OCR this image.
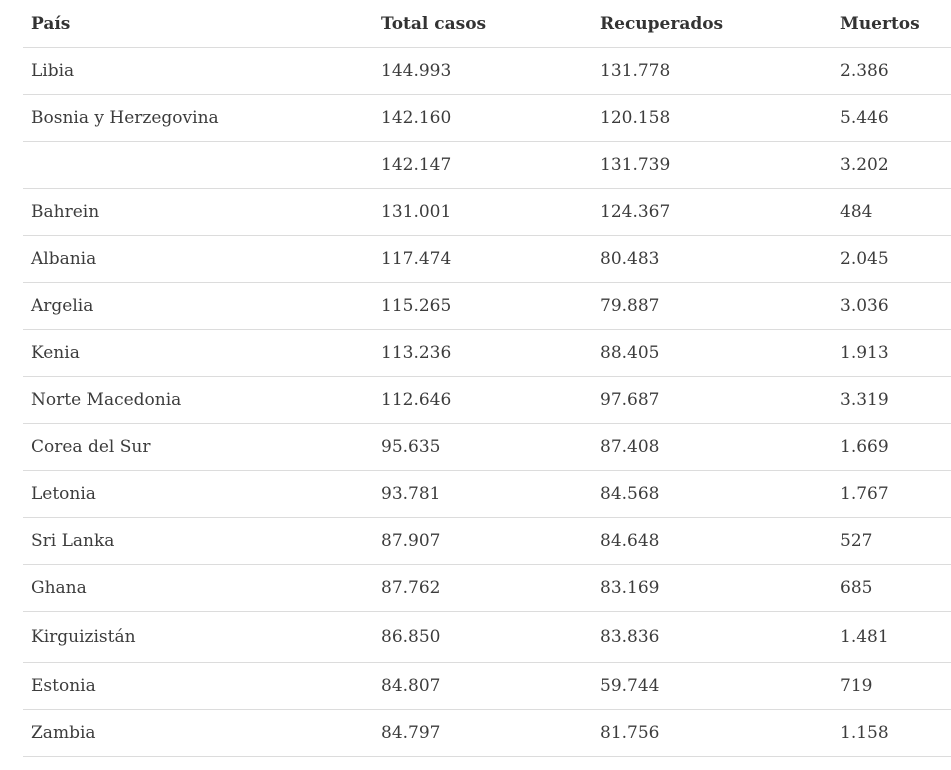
País	Total casos	Recuperados	Muertos
Libia	144.993	131.778	2.386
Bosnia y Herzegovina	142.160	120.158	5.446
	142.147	131.739	3.202
Bahrein	131.001	124.367	484
Albania	117.474	80.483	2.045
Argelia	115.265	79.887	3.036
Kenia	113.236	88.405	1.913
Norte Macedonia	112.646	97.687	3.319
Corea del Sur	95.635	87.408	1.669
Letonia	93.781	84.568	1.767
Sri Lanka	87.907	84.648	527
Ghana	87.762	83.169	685
Kirguizistán	86.850	83.836	1.481
Estonia	84.807	59.744	719
Zambia	84.797	81.756	1.158
